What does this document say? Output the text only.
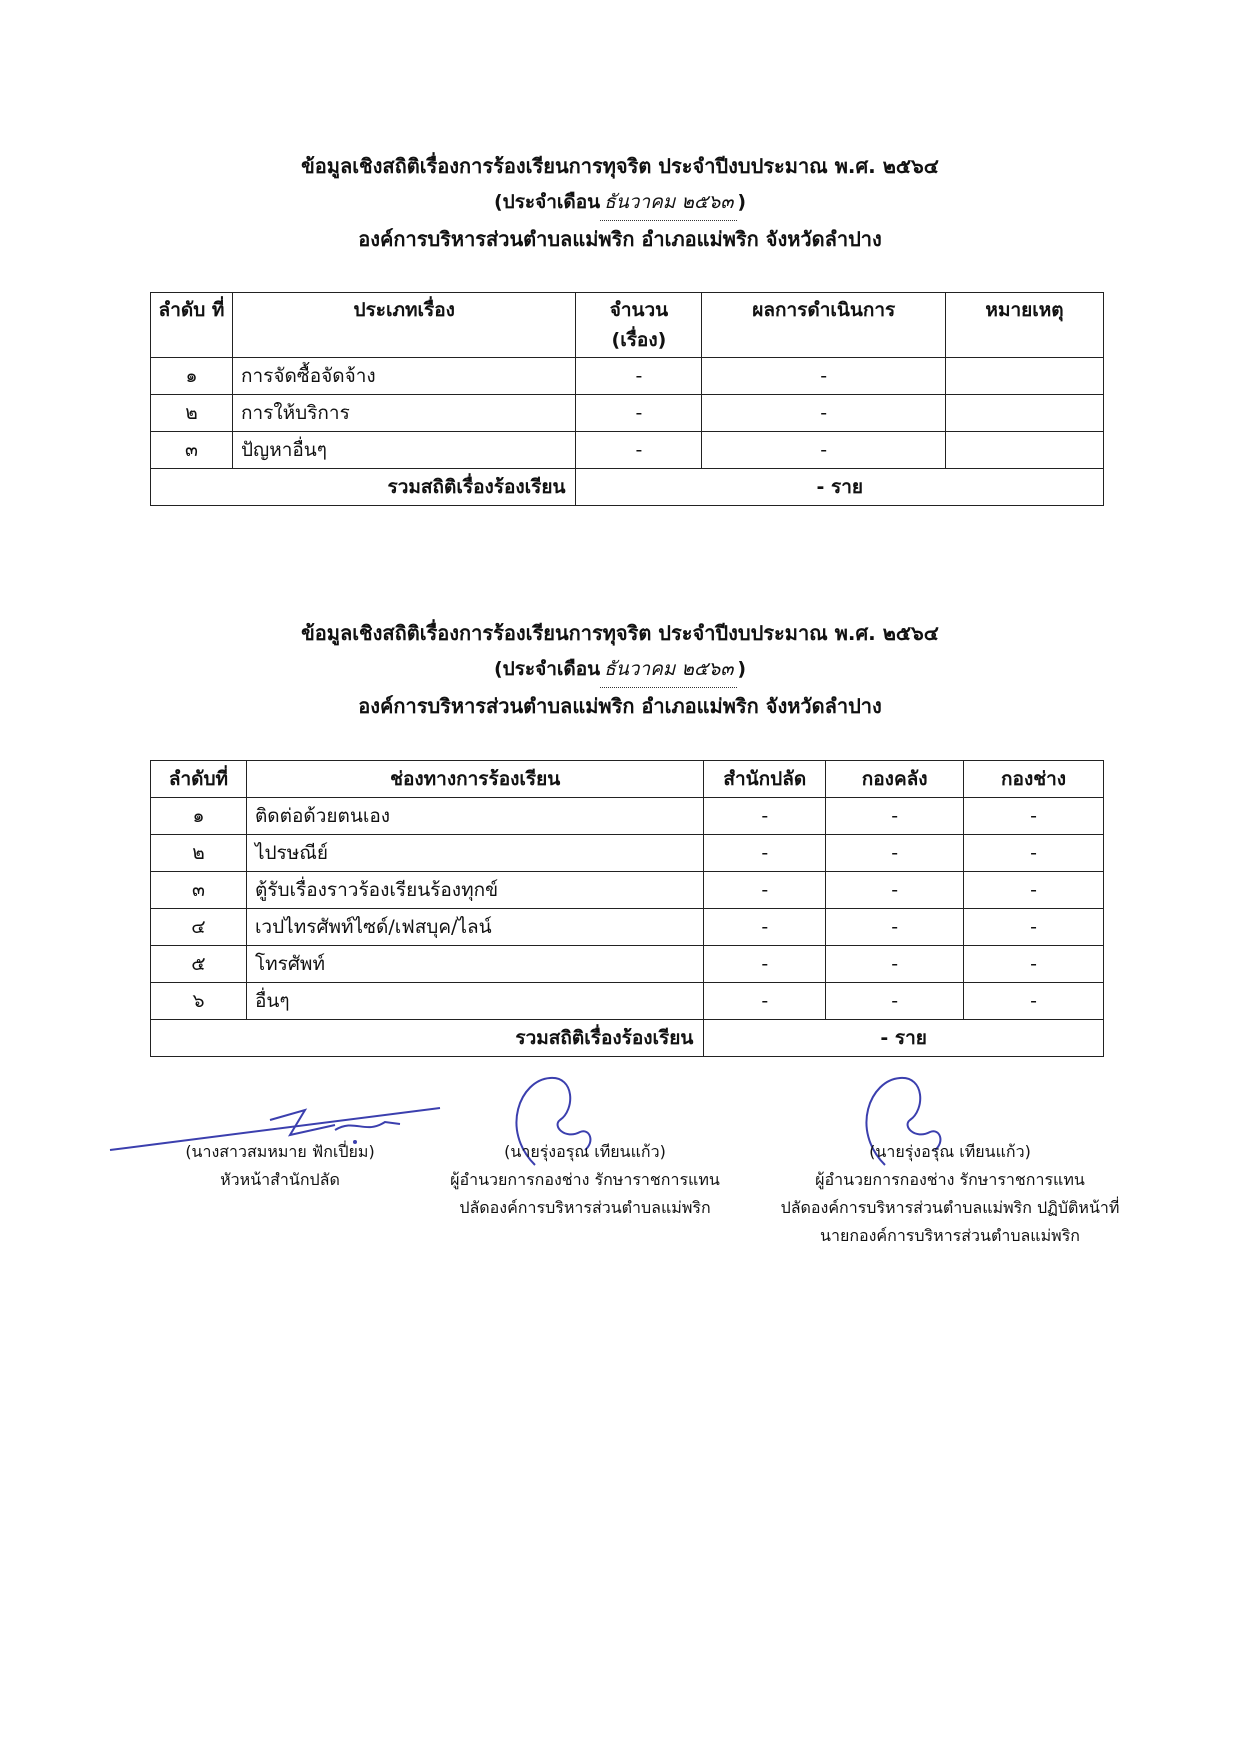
ข้อมูลเชิงสถิติเรื่องการร้องเรียนการทุจริต ประจำปีงบประมาณ พ.ศ. ๒๕๖๔
(ประจำเดือน ธันวาคม ๒๕๖๓ )
องค์การบริหารส่วนตำบลแม่พริก อำเภอแม่พริก จังหวัดลำปาง
ลำดับ ที่	ประเภทเรื่อง	จำนวน (เรื่อง)	ผลการดำเนินการ	หมายเหตุ
๑	การจัดซื้อจัดจ้าง	-	-	
๒	การให้บริการ	-	-	
๓	ปัญหาอื่นๆ	-	-	
รวมสถิติเรื่องร้องเรียน		- ราย		
ข้อมูลเชิงสถิติเรื่องการร้องเรียนการทุจริต ประจำปีงบประมาณ พ.ศ. ๒๕๖๔
(ประจำเดือน ธันวาคม ๒๕๖๓ )
องค์การบริหารส่วนตำบลแม่พริก อำเภอแม่พริก จังหวัดลำปาง
ลำดับที่	ช่องทางการร้องเรียน	สำนักปลัด	กองคลัง	กองช่าง
๑	ติดต่อด้วยตนเอง	-	-	-
๒	ไปรษณีย์	-	-	-
๓	ตู้รับเรื่องราวร้องเรียนร้องทุกข์	-	-	-
๔	เวปไทรศัพท์ไซด์/เฟสบุค/ไลน์	-	-	-
๕	โทรศัพท์	-	-	-
๖	อื่นๆ	-	-	-
รวมสถิติเรื่องร้องเรียน		- ราย		
(นางสาวสมหมาย ฟักเปี่ยม)
หัวหน้าสำนักปลัด
(นายรุ่งอรุณ เทียนแก้ว)
ผู้อำนวยการกองช่าง รักษาราชการแทน
ปลัดองค์การบริหารส่วนตำบลแม่พริก
(นายรุ่งอรุณ เทียนแก้ว)
ผู้อำนวยการกองช่าง รักษาราชการแทน
ปลัดองค์การบริหารส่วนตำบลแม่พริก ปฏิบัติหน้าที่
นายกองค์การบริหารส่วนตำบลแม่พริก
